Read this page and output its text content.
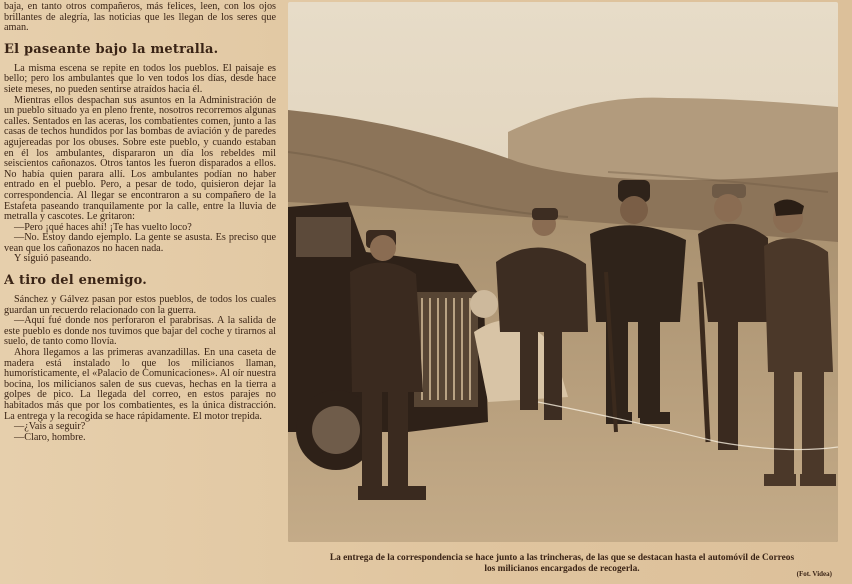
baja, en tanto otros compañeros, más felices, leen, con los ojos brillantes de alegría, las noticias que les llegan de los seres que aman.

El paseante bajo la metralla.

La misma escena se repite en todos los pueblos. El paisaje es bello; pero los ambulantes que lo ven todos los días, desde hace siete meses, no pueden sentirse atraídos hacia él.

Mientras ellos despachan sus asuntos en la Administración de un pueblo situado ya en pleno frente, nosotros recorremos algunas calles. Sentados en las aceras, los combatientes comen, junto a las casas de techos hundidos por las bombas de aviación y de paredes agujereadas por los obuses. Sobre este pueblo, y cuando estaban en él los ambulantes, dispararon un día los rebeldes mil seiscientos cañonazos. Otros tantos les fueron disparados a ellos. No había quien parara allí. Los ambulantes podían no haber entrado en el pueblo. Pero, a pesar de todo, quisieron dejar la correspondencia. Al llegar se encontraron a su compañero de la Estafeta paseando tranquilamente por la calle, entre la lluvia de metralla y cascotes. Le gritaron:

—Pero ¡qué haces ahí! ¡Te has vuelto loco?

—No. Estoy dando ejemplo. La gente se asusta. Es preciso que vean que los cañonazos no hacen nada.

Y siguió paseando.

A tiro del enemigo.

Sánchez y Gálvez pasan por estos pueblos, de todos los cuales guardan un recuerdo relacionado con la guerra.

—Aquí fué donde nos perforaron el parabrisas. A la salida de este pueblo es donde nos tuvimos que bajar del coche y tirarnos al suelo, de tanto como llovía.

Ahora llegamos a las primeras avanzadillas. En una caseta de madera está instalado lo que los milicianos llaman, humorísticamente, el «Palacio de Comunicaciones». Al oír nuestra bocina, los milicianos salen de sus cuevas, hechas en la tierra a golpes de pico. La llegada del correo, en estos parajes no habitados más que por los combatientes, es la única distracción. La entrega y la recogida se hace rápidamente. El motor trepida.

—¿Vais a seguir?

—Claro, hombre.

La entrega de la correspondencia se hace junto a las trincheras, de las que se destacan hasta el automóvil de Correos
los milicianos encargados de recogerla.	(Fot. Videa)
